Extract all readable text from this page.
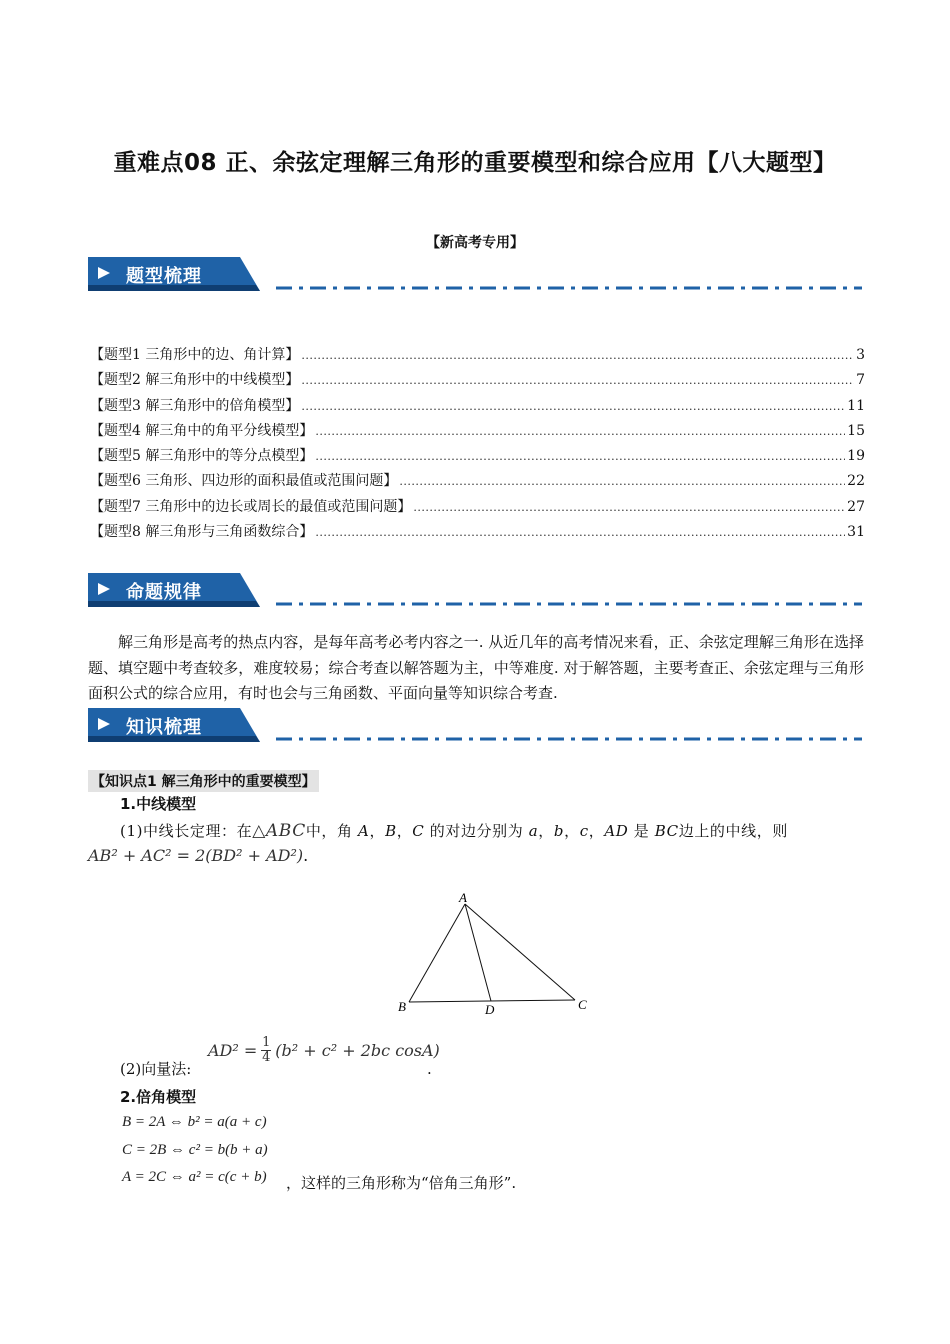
重难点08 正、余弦定理解三角形的重要模型和综合应用【八大题型】
【新高考专用】
题型梳理
【题型1 三角形中的边、角计算】 .....	3
【题型2 解三角形中的中线模型】 .....	7
【题型3 解三角形中的倍角模型】 .....	11
【题型4 解三角中的角平分线模型】 .....	15
【题型5 解三角形中的等分点模型】 .....	19
【题型6 三角形、四边形的面积最值或范围问题】 .....	22
【题型7 三角形中的边长或周长的最值或范围问题】 .....	27
【题型8 解三角形与三角函数综合】 .....	31
命题规律
解三角形是高考的热点内容，是每年高考必考内容之一. 从近几年的高考情况来看，正、余弦定理解三角形在选择题、填空题中考查较多，难度较易；综合考查以解答题为主，中等难度. 对于解答题，主要考查正、余弦定理与三角形面积公式的综合应用，有时也会与三角函数、平面向量等知识综合考查.
知识梳理
【知识点1 解三角形中的重要模型】
1.中线模型
(1)中线长定理：在△ABC中，角 A，B，C 的对边分别为 a，b，c，AD 是 BC边上的中线，则
AB² + AC² = 2(BD² + AD²).
A
B	C
D
(2)向量法:
AD² = 1
4 (b² + c² + 2bc cosA)
.
2.倍角模型
B = 2A ⇔ b² = a(a + c)
C = 2B ⇔ c² = b(b + a)
A = 2C ⇔ a² = c(c + b) ，这样的三角形称为“倍角三角形”.
